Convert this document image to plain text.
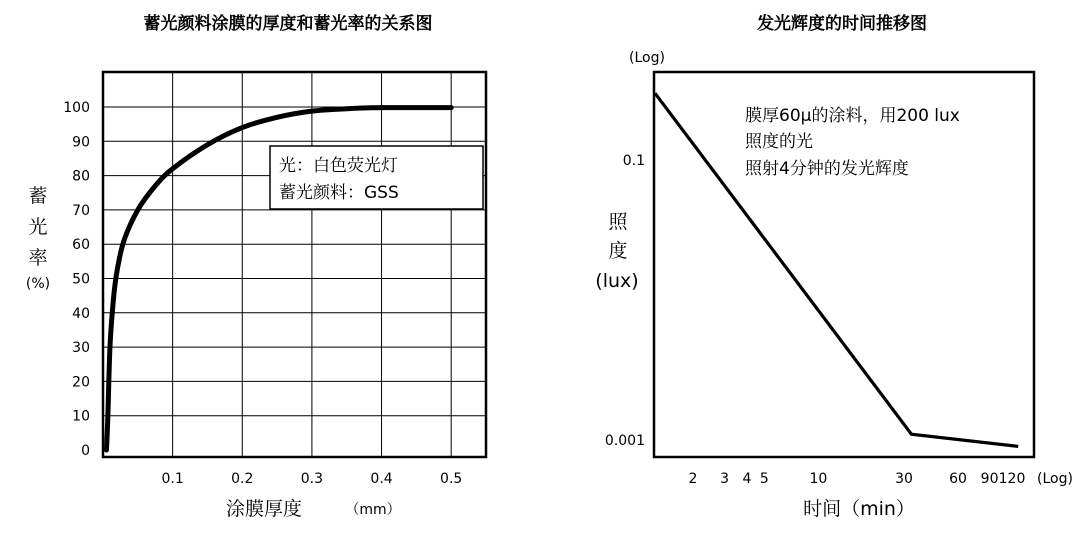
蓄光颜料涂膜的厚度和蓄光率的关系图
0
10
20
30
40
50
60
70
80
90
100
0.1	0.2	0.3	0.4	0.5
光：白色荧光灯
蓄光颜料：GSS
蓄
光
率
(%)
涂膜厚度	（mm）
发光辉度的时间推移图
(Log)
(Log)
0.1
0.001
2 3 4 5	10	30	60 90 120
膜厚60μ的涂料，用200 lux
照度的光
照射4分钟的发光辉度
照
度
(lux)
时间（min）
